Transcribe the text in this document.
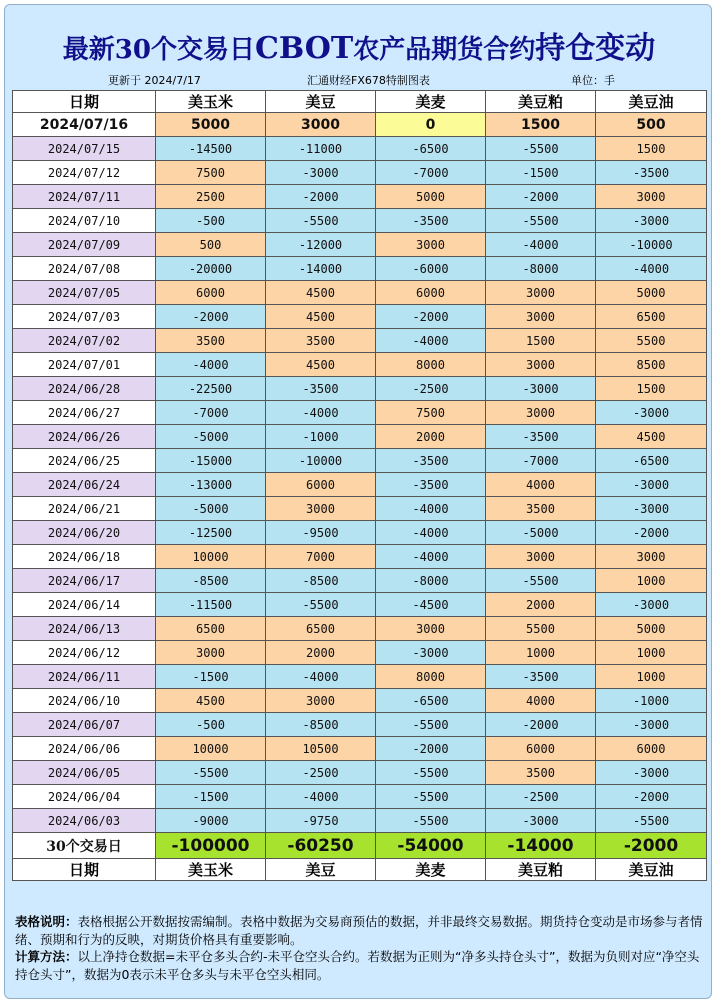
最新30个交易日CBOT农产品期货合约持仓变动
更新于 2024/7/17	汇通财经FX678特制图表	单位：手
日期	美玉米	美豆	美麦	美豆粕	美豆油
2024/07/16	5000	3000	0	1500	500
2024/07/15	-14500	-11000	-6500	-5500	1500
2024/07/12	7500	-3000	-7000	-1500	-3500
2024/07/11	2500	-2000	5000	-2000	3000
2024/07/10	-500	-5500	-3500	-5500	-3000
2024/07/09	500	-12000	3000	-4000	-10000
2024/07/08	-20000	-14000	-6000	-8000	-4000
2024/07/05	6000	4500	6000	3000	5000
2024/07/03	-2000	4500	-2000	3000	6500
2024/07/02	3500	3500	-4000	1500	5500
2024/07/01	-4000	4500	8000	3000	8500
2024/06/28	-22500	-3500	-2500	-3000	1500
2024/06/27	-7000	-4000	7500	3000	-3000
2024/06/26	-5000	-1000	2000	-3500	4500
2024/06/25	-15000	-10000	-3500	-7000	-6500
2024/06/24	-13000	6000	-3500	4000	-3000
2024/06/21	-5000	3000	-4000	3500	-3000
2024/06/20	-12500	-9500	-4000	-5000	-2000
2024/06/18	10000	7000	-4000	3000	3000
2024/06/17	-8500	-8500	-8000	-5500	1000
2024/06/14	-11500	-5500	-4500	2000	-3000
2024/06/13	6500	6500	3000	5500	5000
2024/06/12	3000	2000	-3000	1000	1000
2024/06/11	-1500	-4000	8000	-3500	1000
2024/06/10	4500	3000	-6500	4000	-1000
2024/06/07	-500	-8500	-5500	-2000	-3000
2024/06/06	10000	10500	-2000	6000	6000
2024/06/05	-5500	-2500	-5500	3500	-3000
2024/06/04	-1500	-4000	-5500	-2500	-2000
2024/06/03	-9000	-9750	-5500	-3000	-5500
30个交易日	-100000	-60250	-54000	-14000	-2000
日期	美玉米	美豆	美麦	美豆粕	美豆油

表格说明：表格根据公开数据按需编制。表格中数据为交易商预估的数据，并非最终交易数据。期货持仓变动是市场参与者情绪、预期和行为的反映，对期货价格具有重要影响。

计算方法：以上净持仓数据=未平仓多头合约-未平仓空头合约。若数据为正则为“净多头持仓头寸”，数据为负则对应“净空头持仓头寸”，数据为0表示未平仓多头与未平仓空头相同。
